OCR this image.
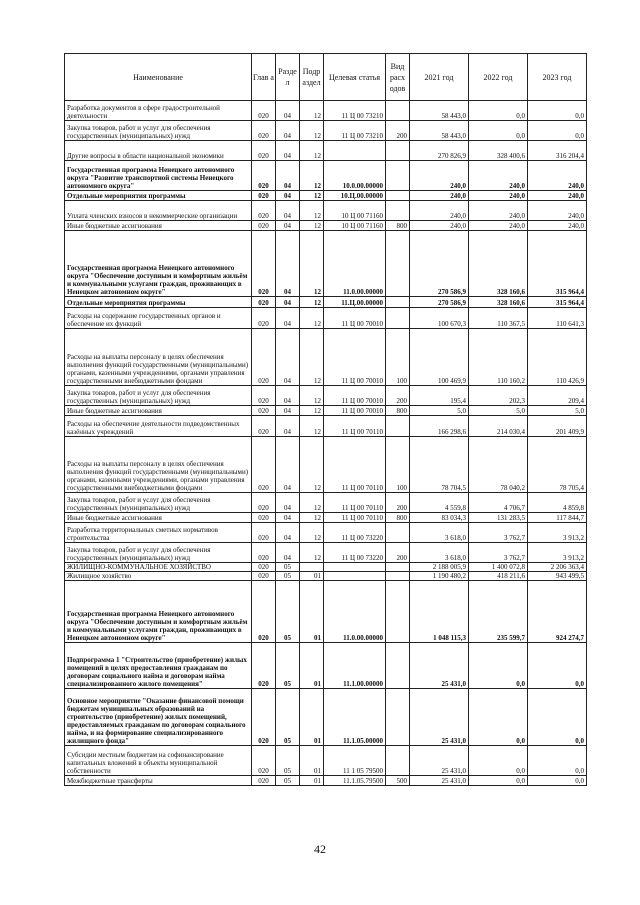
Наименование	Глав а	Разде л	Подр аздел	Целевая статья	Вид расх одов	2021 год	2022 год	2023 год
Разработка документов в сфере градостроительной деятельности	020	04	12	11 Ц 00 73210		58 443,0	0,0	0,0
Закупка товаров, работ и услуг для обеспечения государственных (муниципальных) нужд	020	04	12	11 Ц 00 73210	200	58 443,0	0,0	0,0
Другие вопросы в области национальной экономики	020	04	12			270 826,9	328 400,6	316 204,4
Государственная программа Ненецкого автономного округа "Развитие транспортной системы Ненецкого автономного округа"	020	04	12	10.0.00.00000		240,0	240,0	240,0
Отдельные мероприятия программы	020	04	12	10.Ц.00.00000		240,0	240,0	240,0
Уплата членских взносов в некоммерческие организации	020	04	12	10 Ц 00 71160		240,0	240,0	240,0
Иные бюджетные ассигнования	020	04	12	10 Ц 00 71160	800	240,0	240,0	240,0
Государственная программа Ненецкого автономного округа "Обеспечение доступным и комфортным жильём и коммунальными услугами граждан, проживающих в Ненецком автономном округе"	020	04	12	11.0.00.00000		270 586,9	328 160,6	315 964,4
Отдельные мероприятия программы	020	04	12	11.Ц.00.00000		270 586,9	328 160,6	315 964,4
Расходы на содержание государственных органов и обеспечение их функций	020	04	12	11 Ц 00 70010		100 670,3	110 367,5	110 641,3
Расходы на выплаты персоналу в целях обеспечения выполнения функций государственными (муниципальными) органами, казенными учреждениями, органами управления государственными внебюджетными фондами	020	04	12	11 Ц 00 70010	100	100 469,9	110 160,2	110 426,9
Закупка товаров, работ и услуг для обеспечения государственных (муниципальных) нужд	020	04	12	11 Ц 00 70010	200	195,4	202,3	209,4
Иные бюджетные ассигнования	020	04	12	11 Ц 00 70010	800	5,0	5,0	5,0
Расходы на обеспечение деятельности подведомственных казённых учреждений	020	04	12	11 Ц 00 70110		166 298,6	214 030,4	201 409,9
Расходы на выплаты персоналу в целях обеспечения выполнения функций государственными (муниципальными) органами, казенными учреждениями, органами управления государственными внебюджетными фондами	020	04	12	11 Ц 00 70110	100	78 704,5	78 040,2	78 705,4
Закупка товаров, работ и услуг для обеспечения государственных (муниципальных) нужд	020	04	12	11 Ц 00 70110	200	4 559,8	4 706,7	4 859,8
Иные бюджетные ассигнования	020	04	12	11 Ц 00 70110	800	83 034,3	131 283,5	117 844,7
Разработка территориальных сметных нормативов строительства	020	04	12	11 Ц 00 73220		3 618,0	3 762,7	3 913,2
Закупка товаров, работ и услуг для обеспечения государственных (муниципальных) нужд	020	04	12	11 Ц 00 73220	200	3 618,0	3 762,7	3 913,2
ЖИЛИЩНО-КОММУНАЛЬНОЕ ХОЗЯЙСТВО	020	05				2 188 005,9	1 400 072,8	2 206 363,4
Жилищное хозяйство	020	05	01			1 190 480,2	418 211,6	943 499,5
Государственная программа Ненецкого автономного округа "Обеспечение доступным и комфортным жильём и коммунальными услугами граждан, проживающих в Ненецком автономном округе"	020	05	01	11.0.00.00000		1 048 115,3	235 599,7	924 274,7
Подпрограмма 1 "Строительство (приобретение) жилых помещений в целях предоставления гражданам по договорам социального найма и договорам найма специализированного жилого помещения"	020	05	01	11.1.00.00000		25 431,0	0,0	0,0
Основное мероприятие "Оказание финансовой помощи бюджетам муниципальных образований на строительство (приобретение) жилых помещений, предоставляемых гражданам по договорам социального найма, и на формирование специализированного жилищного фонда"	020	05	01	11.1.05.00000		25 431,0	0,0	0,0
Субсидии местным бюджетам на софинансирование капитальных вложений в объекты муниципальной собственности	020	05	01	11 1 05 79500		25 431,0	0,0	0,0
Межбюджетные трансферты	020	05	01	11.1.05.79500	500	25 431,0	0,0	0,0
42
